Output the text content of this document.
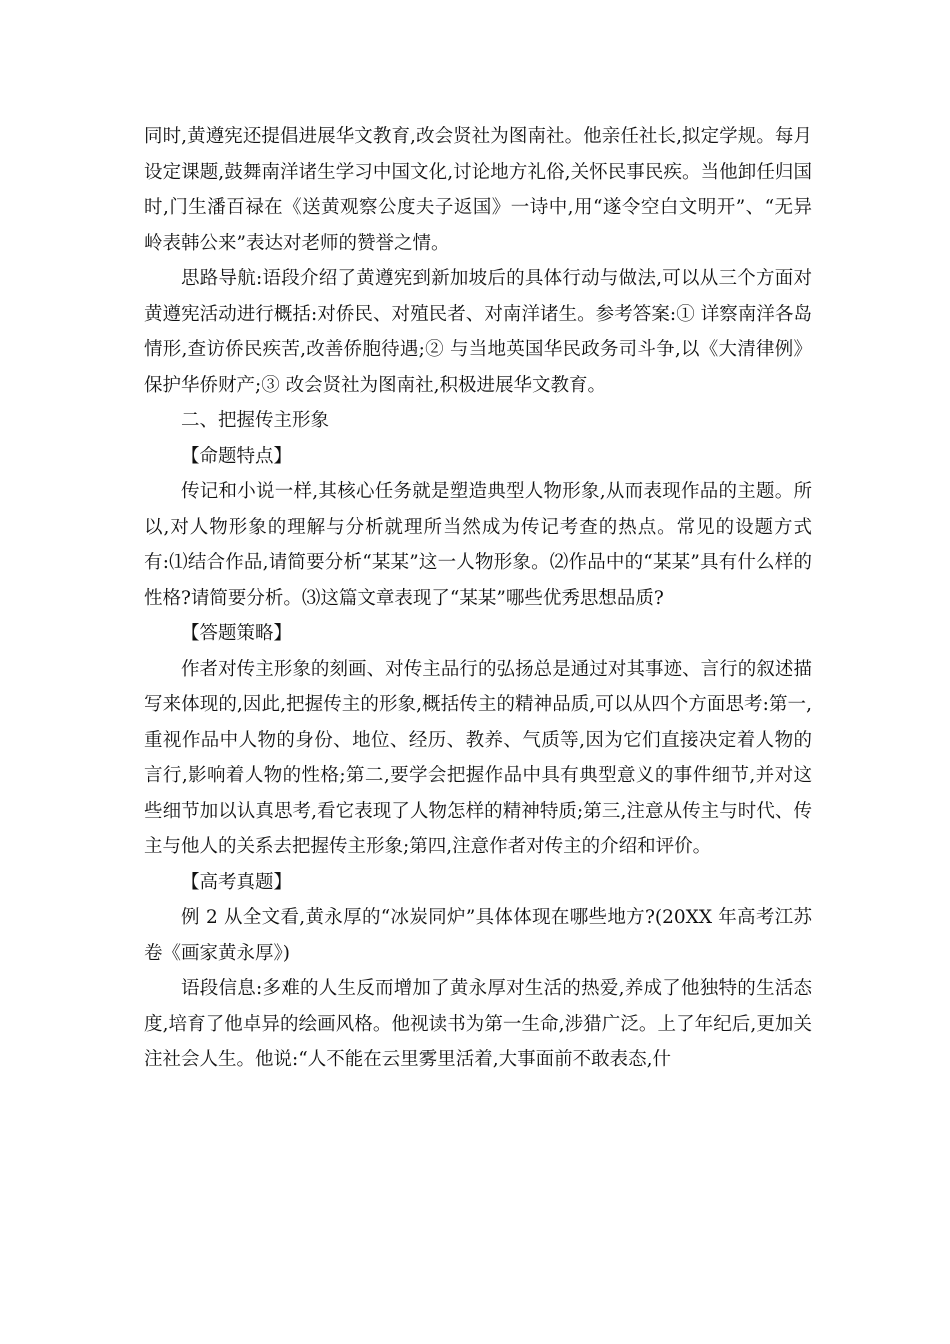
同时,黄遵宪还提倡进展华文教育,改会贤社为图南社。他亲任社长,拟定学规。每月设定课题,鼓舞南洋诸生学习中国文化,讨论地方礼俗,关怀民事民疾。当他卸任归国时,门生潘百禄在《送黄观察公度夫子返国》一诗中,用“遂令空白文明开”、“无异岭表韩公来”表达对老师的赞誉之情。

思路导航:语段介绍了黄遵宪到新加坡后的具体行动与做法,可以从三个方面对黄遵宪活动进行概括:对侨民、对殖民者、对南洋诸生。参考答案:① 详察南洋各岛情形,查访侨民疾苦,改善侨胞待遇;② 与当地英国华民政务司斗争,以《大清律例》保护华侨财产;③ 改会贤社为图南社,积极进展华文教育。

二、把握传主形象

【命题特点】

传记和小说一样,其核心任务就是塑造典型人物形象,从而表现作品的主题。所以,对人物形象的理解与分析就理所当然成为传记考查的热点。常见的设题方式有:⑴结合作品,请简要分析“某某”这一人物形象。⑵作品中的“某某”具有什么样的性格?请简要分析。⑶这篇文章表现了“某某”哪些优秀思想品质?

【答题策略】

作者对传主形象的刻画、对传主品行的弘扬总是通过对其事迹、言行的叙述描写来体现的,因此,把握传主的形象,概括传主的精神品质,可以从四个方面思考:第一,重视作品中人物的身份、地位、经历、教养、气质等,因为它们直接决定着人物的言行,影响着人物的性格;第二,要学会把握作品中具有典型意义的事件细节,并对这些细节加以认真思考,看它表现了人物怎样的精神特质;第三,注意从传主与时代、传主与他人的关系去把握传主形象;第四,注意作者对传主的介绍和评价。

【高考真题】

例 2 从全文看,黄永厚的“冰炭同炉”具体体现在哪些地方?(20XX 年高考江苏卷《画家黄永厚》)

语段信息:多难的人生反而增加了黄永厚对生活的热爱,养成了他独特的生活态度,培育了他卓异的绘画风格。他视读书为第一生命,涉猎广泛。上了年纪后,更加关注社会人生。他说:“人不能在云里雾里活着,大事面前不敢表态,什
